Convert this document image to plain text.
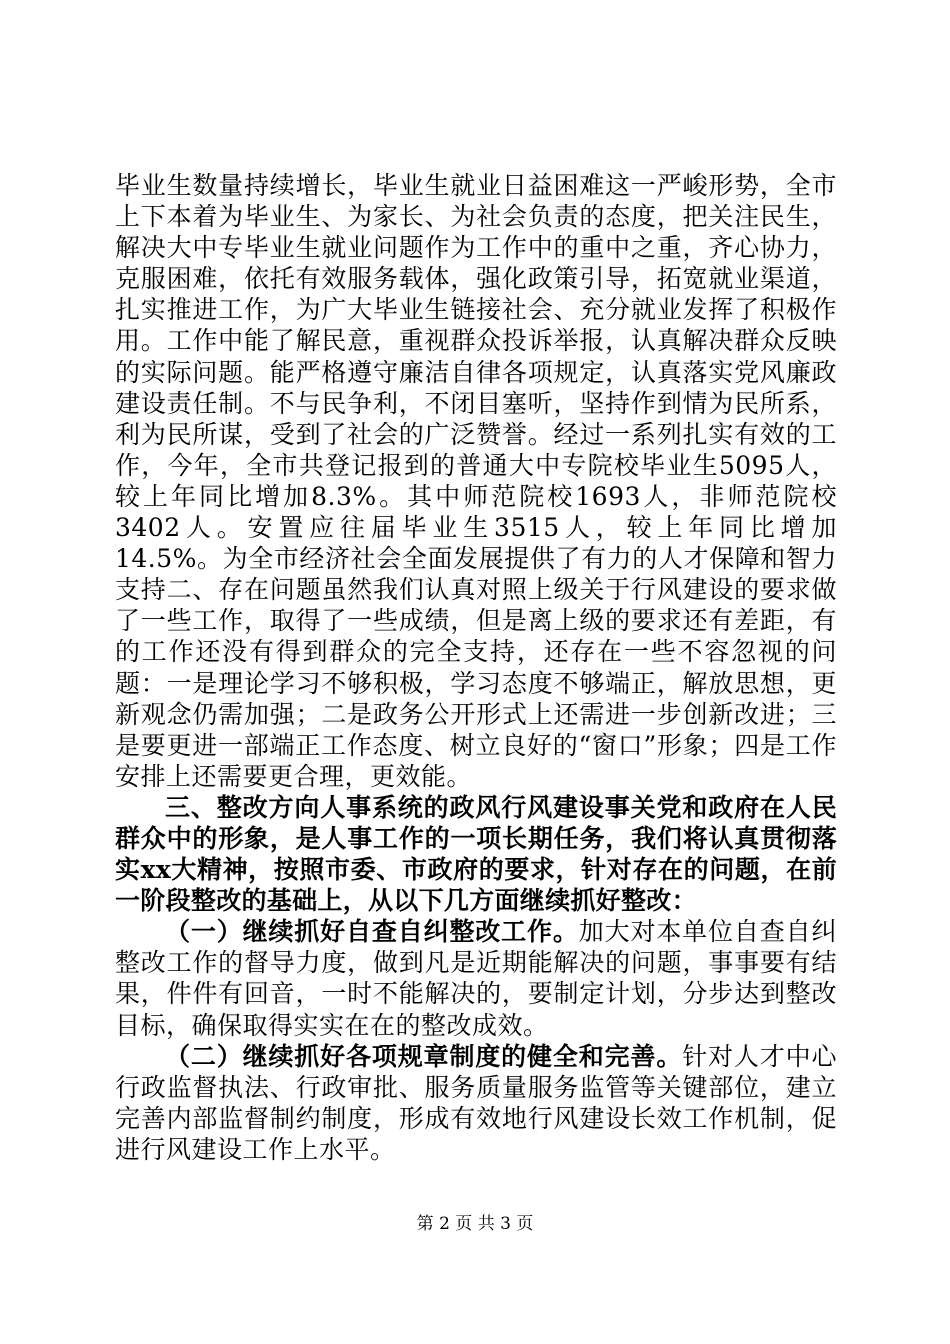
毕业生数量持续增长，毕业生就业日益困难这一严峻形势，全市上下本着为毕业生、为家长、为社会负责的态度，把关注民生，解决大中专毕业生就业问题作为工作中的重中之重，齐心协力，克服困难，依托有效服务载体，强化政策引导，拓宽就业渠道，扎实推进工作，为广大毕业生链接社会、充分就业发挥了积极作用。工作中能了解民意，重视群众投诉举报，认真解决群众反映的实际问题。能严格遵守廉洁自律各项规定，认真落实党风廉政建设责任制。不与民争利，不闭目塞听，坚持作到情为民所系，利为民所谋，受到了社会的广泛赞誉。经过一系列扎实有效的工作，今年，全市共登记报到的普通大中专院校毕业生5095人，较上年同比增加8.3%。其中师范院校1693人，非师范院校3402人。安置应往届毕业生3515人，较上年同比增加14.5%。为全市经济社会全面发展提供了有力的人才保障和智力支持二、存在问题虽然我们认真对照上级关于行风建设的要求做了一些工作，取得了一些成绩，但是离上级的要求还有差距，有的工作还没有得到群众的完全支持，还存在一些不容忽视的问题：一是理论学习不够积极，学习态度不够端正，解放思想，更新观念仍需加强；二是政务公开形式上还需进一步创新改进；三是要更进一部端正工作态度、树立良好的“窗口”形象；四是工作安排上还需要更合理，更效能。

三、整改方向人事系统的政风行风建设事关党和政府在人民群众中的形象，是人事工作的一项长期任务，我们将认真贯彻落实xx大精神，按照市委、市政府的要求，针对存在的问题，在前一阶段整改的基础上，从以下几方面继续抓好整改：

（一）继续抓好自查自纠整改工作。加大对本单位自查自纠整改工作的督导力度，做到凡是近期能解决的问题，事事要有结果，件件有回音，一时不能解决的，要制定计划，分步达到整改目标，确保取得实实在在的整改成效。

（二）继续抓好各项规章制度的健全和完善。针对人才中心行政监督执法、行政审批、服务质量服务监管等关键部位，建立完善内部监督制约制度，形成有效地行风建设长效工作机制，促进行风建设工作上水平。

第 2 页 共 3 页
